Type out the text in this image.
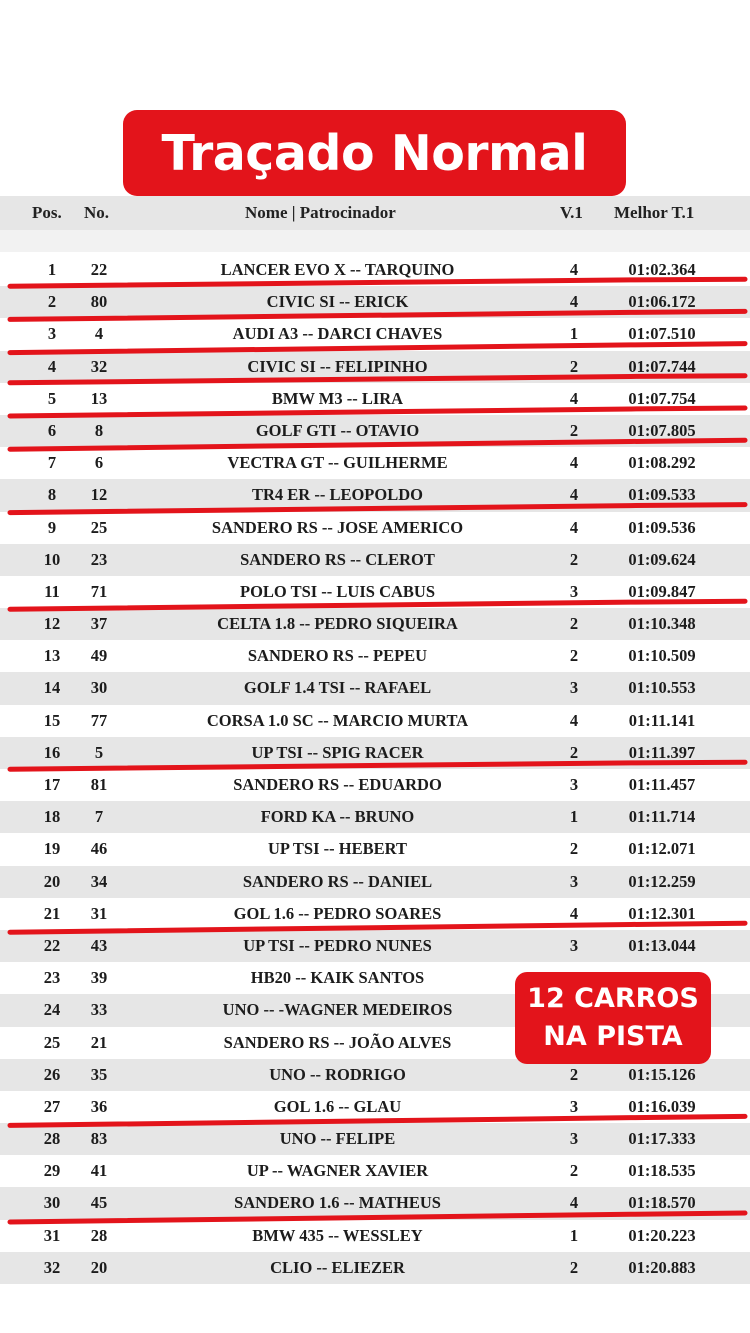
Traçado Normal
Pos. No.	Nome | Patrocinador	V.1 Melhor T.1
1	22	LANCER EVO X -- TARQUINO	4	01:02.364
2	80	CIVIC SI -- ERICK	4	01:06.172
3	4	AUDI A3 -- DARCI CHAVES	1	01:07.510
4	32	CIVIC SI -- FELIPINHO	2	01:07.744
5	13	BMW M3 -- LIRA	4	01:07.754
6	8	GOLF GTI -- OTAVIO	2	01:07.805
7	6	VECTRA GT -- GUILHERME	4	01:08.292
8	12	TR4 ER -- LEOPOLDO	4	01:09.533
9	25	SANDERO RS -- JOSE AMERICO	4	01:09.536
10	23	SANDERO RS -- CLEROT	2	01:09.624
11	71	POLO TSI -- LUIS CABUS	3	01:09.847
12	37	CELTA 1.8 -- PEDRO SIQUEIRA	2	01:10.348
13	49	SANDERO RS -- PEPEU	2	01:10.509
14	30	GOLF 1.4 TSI -- RAFAEL	3	01:10.553
15	77	CORSA 1.0 SC -- MARCIO MURTA	4	01:11.141
16	5	UP TSI -- SPIG RACER	2	01:11.397
17	81	SANDERO RS -- EDUARDO	3	01:11.457
18	7	FORD KA -- BRUNO	1	01:11.714
19	46	UP TSI -- HEBERT	2	01:12.071
20	34	SANDERO RS -- DANIEL	3	01:12.259
21	31	GOL 1.6 -- PEDRO SOARES	4	01:12.301
22	43	UP TSI -- PEDRO NUNES	3	01:13.044
23	39	HB20 -- KAIK SANTOS
24	33	UNO -- -WAGNER MEDEIROS
25	21	SANDERO RS -- JOÃO ALVES
26	35	UNO -- RODRIGO	2	01:15.126
27	36	GOL 1.6 -- GLAU	3	01:16.039
28	83	UNO -- FELIPE	3	01:17.333
29	41	UP -- WAGNER XAVIER	2	01:18.535
30	45	SANDERO 1.6 -- MATHEUS	4	01:18.570
31	28	BMW 435 -- WESSLEY	1	01:20.223
32	20	CLIO -- ELIEZER	2	01:20.883
12 CARROS
NA PISTA
